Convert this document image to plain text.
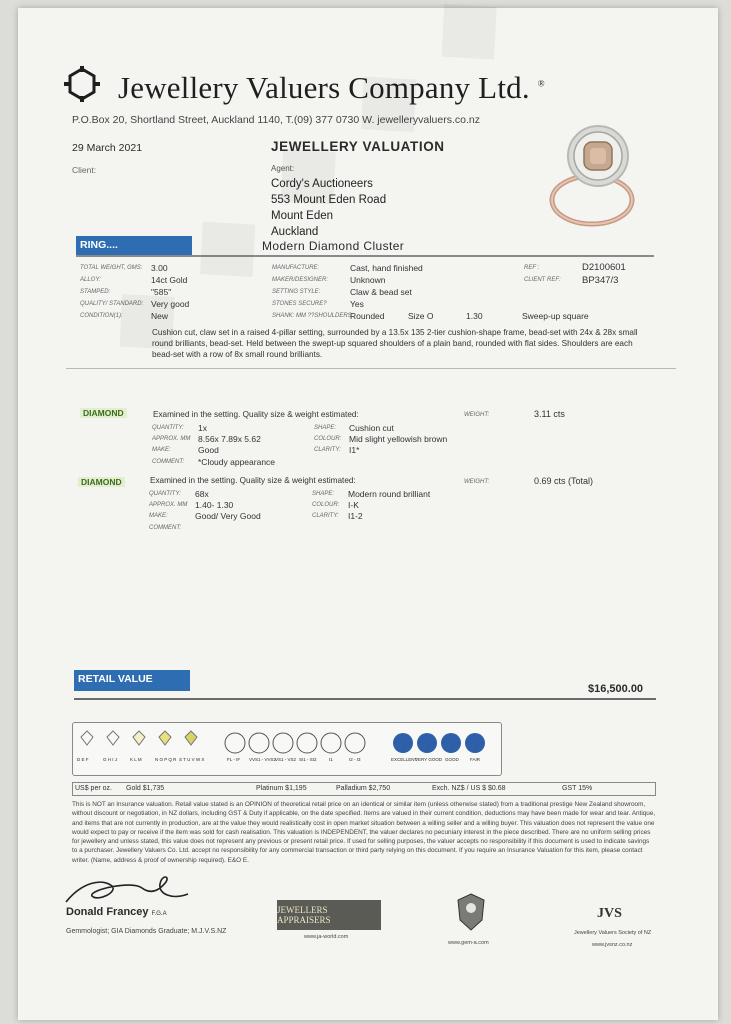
Jewellery Valuers Company Ltd. ®
P.O.Box 20, Shortland Street, Auckland 1140, T.(09) 377 0730 W. jewelleryvaluers.co.nz
29 March 2021
Client:
JEWELLERY VALUATION
Agent:
Cordy's Auctioneers
553 Mount Eden Road
Mount Eden
Auckland
RING....	Modern Diamond Cluster
TOTAL WEIGHT, GMS: 3.00
ALLOY:	14ct Gold
STAMPED:	"585"
QUALITY/ STANDARD: Very good
CONDITION(1):	New
MANUFACTURE:	Cast, hand finished
MAKER/DESIGNER:	Unknown
SETTING STYLE:	Claw & bead set
STONES SECURE?	Yes
SHANK: MM ??SHOULDERS:
Rounded	Size O	1.30	Sweep-up square
REF :	D2100601
CLIENT REF: BP347/3
Cushion cut, claw set in a raised 4-pillar setting, surrounded by a 13.5x 135 2-tier cushion-shape frame, bead-set with 24x & 28x small round brilliants, bead-set. Held between the swept-up squared shoulders of a plain band, rounded with flat sides. Shoulders are each bead-set with a row of 8x small round brilliants.
DIAMOND	Examined in the setting. Quality size & weight estimated:	WEIGHT:	3.11 cts
QUANTITY: 1x
APPROX. MM 8.56x 7.89x 5.62
MAKE:	Good
COMMENT: *Cloudy appearance
SHAPE: Cushion cut
COLOUR: Mid slight yellowish brown
CLARITY: I1*
DIAMOND	Examined in the setting. Quality size & weight estimated:	WEIGHT:	0.69 cts (Total)
QUANTITY: 68x
APPROX. MM 1.40- 1.30
MAKE:	Good/ Very Good
COMMENT:
SHAPE: Modern round brilliant
COLOUR: I-K
CLARITY: I1-2
RETAIL VALUE
$16,500.00
D E F	G H I J	K L M	N O P Q R S T U V W X	FL - IF VVS1 - VVS2
VS1 - VS2 SI1 - SI2	I1	I2 - I3	EXCELLENT
VERY GOOD GOOD FAIR
US$ per oz. Gold $1,735	Platinum $1,195	Palladium $2,750	Exch. NZ$ / US $ $0.68	GST 15%
This is NOT an Insurance valuation. Retail value stated is an OPINION of theoretical retail price on an identical or similar item (unless otherwise stated) from a traditional prestige New Zealand showroom, without discount or negotiation, in NZ dollars, including GST & Duty if applicable, on the date specified. Items are valued in their current condition, deductions may have been made for wear and tear. Antique, and items that are not currently in production, are at the value they would realistically cost in open market situation between a willing seller and a willing buyer. This valuation does not represent the value one would expect to pay or receive if the item was sold for cash realisation. This valuation is INDEPENDENT, the valuer declares no pecuniary interest in the piece described. There are no uniform selling prices for jewellery and unless stated, this value does not represent any previous or present retail price. If used for selling purposes, the valuer accepts no responsibility if this document is used to indicate savings to a purchaser. Jewellery Valuers Co. Ltd. accept no responsibility for any commercial transaction or third party relying on this document. If you require an Insurance Valuation for this item, please contact writer. (Name, address & proof of ownership required). E&O E.
Donald Francey F.G.A
Gemmologist; GIA Diamonds Graduate; M.J.V.S.NZ
JEWELLERS APPRAISERS
www.ja-world.com
www.gem-a.com
JVS
Jewellery Valuers Society of NZ
www.jvsnz.co.nz
